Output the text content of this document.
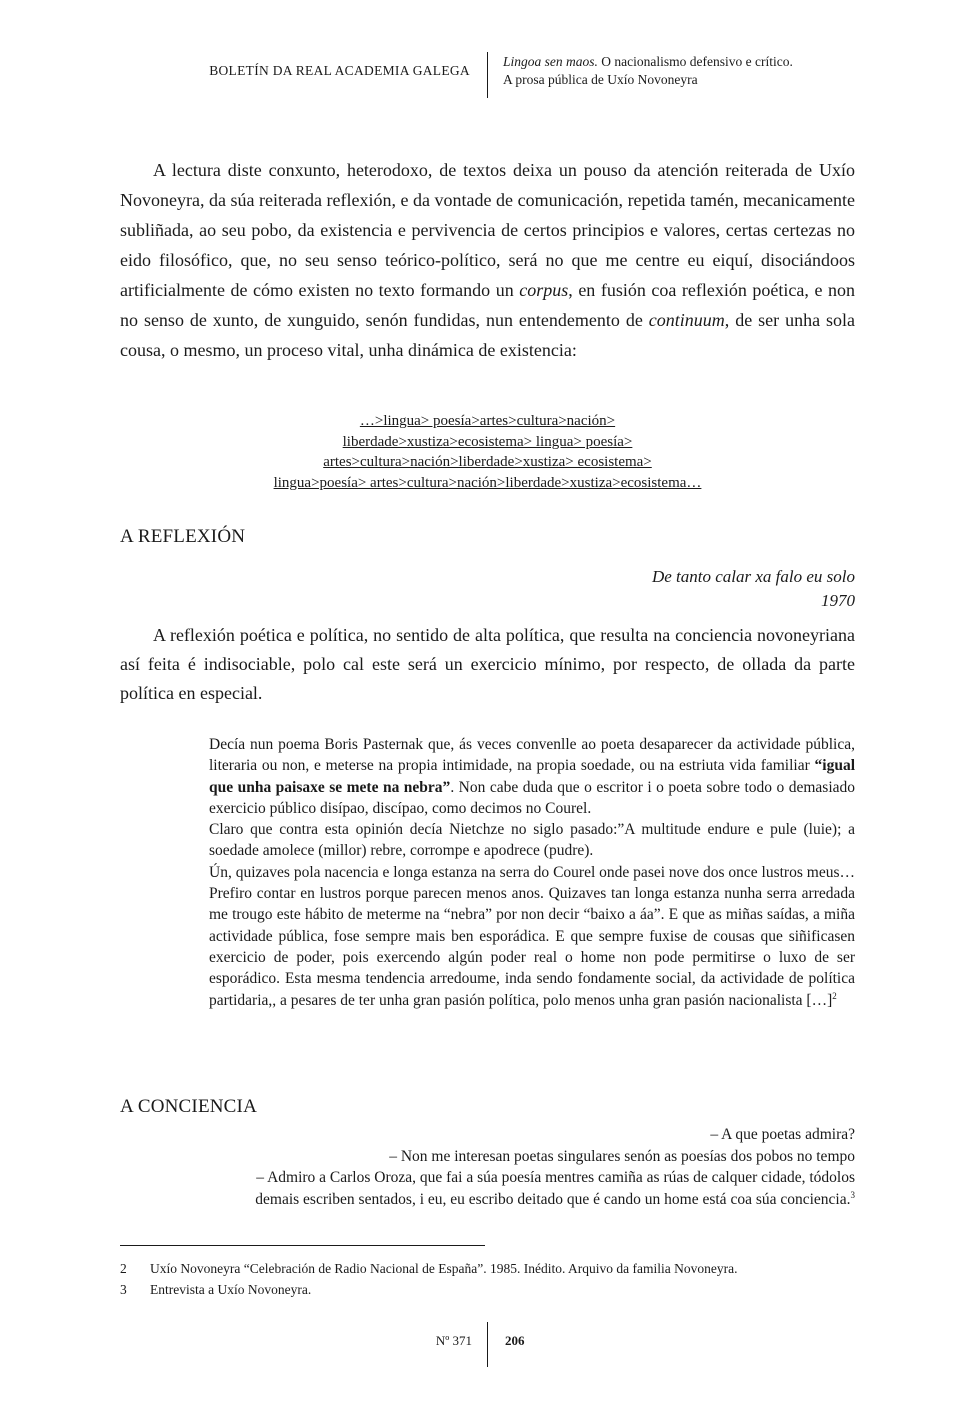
BOLETÍN DA REAL ACADEMIA GALEGA
Lingoa sen maos. O nacionalismo defensivo e crítico.
A prosa pública de Uxío Novoneyra

A lectura diste conxunto, heterodoxo, de textos deixa un pouso da atención reiterada de Uxío Novoneyra, da súa reiterada reflexión, e da vontade de comunicación, repetida tamén, mecanicamente subliñada, ao seu pobo, da existencia e pervivencia de certos principios e valores, certas certezas no eido filosófico, que, no seu senso teórico-político, será no que me centre eu eiquí, disociándoos artificialmente de cómo existen no texto formando un corpus, en fusión coa reflexión poética, e non no senso de xunto, de xunguido, senón fundidas, nun entendemento de continuum, de ser unha sola cousa, o mesmo, un proceso vital, unha dinámica de existencia:

…>lingua> poesía>artes>cultura>nación>
liberdade>xustiza>ecosistema> lingua> poesía>
artes>cultura>nación>liberdade>xustiza> ecosistema>
lingua>poesía> artes>cultura>nación>liberdade>xustiza>ecosistema…
A REFLEXIÓN
De tanto calar xa falo eu solo
1970

A reflexión poética e política, no sentido de alta política, que resulta na conciencia novoneyriana así feita é indisociable, polo cal este será un exercicio mínimo, por respecto, de ollada da parte política en especial.

Decía nun poema Boris Pasternak que, ás veces convenlle ao poeta desaparecer da actividade pública, literaria ou non, e meterse na propia intimidade, na propia soedade, ou na estriuta vida familiar “igual que unha paisaxe se mete na nebra”. Non cabe duda que o escritor i o poeta sobre todo o demasiado exercicio público disípao, discípao, como decimos no Courel.

Claro que contra esta opinión decía Nietchze no siglo pasado:”A multitude endure e pule (luie); a soedade amolece (millor) rebre, corrompe e apodrece (pudre).

Ún, quizaves pola nacencia e longa estanza na serra do Courel onde pasei nove dos once lustros meus… Prefiro contar en lustros porque parecen menos anos. Quizaves tan longa estanza nunha serra arredada me trougo este hábito de meterme na “nebra” por non decir “baixo a áa”. E que as miñas saídas, a miña actividade pública, fose sempre mais ben esporádica. E que sempre fuxise de cousas que siñificasen exercicio de poder, pois exercendo algún poder real o home non pode permitirse o luxo de ser esporádico. Esta mesma tendencia arredoume, inda sendo fondamente social, da actividade de política partidaria,, a pesares de ter unha gran pasión política, polo menos unha gran pasión nacionalista […]$^2$

A CONCIENCIA
– A que poetas admira?
– Non me interesan poetas singulares senón as poesías dos pobos no tempo
– Admiro a Carlos Oroza, que fai a súa poesía mentres camiña as rúas de calquer cidade, tódolos demais escriben sentados, i eu, eu escribo deitado que é cando un home está coa súa conciencia.$^3$
2	Uxío Novoneyra “Celebración de Radio Nacional de España”. 1985. Inédito. Arquivo da familia Novoneyra.
3	Entrevista a Uxío Novoneyra.
Nº 371	206
